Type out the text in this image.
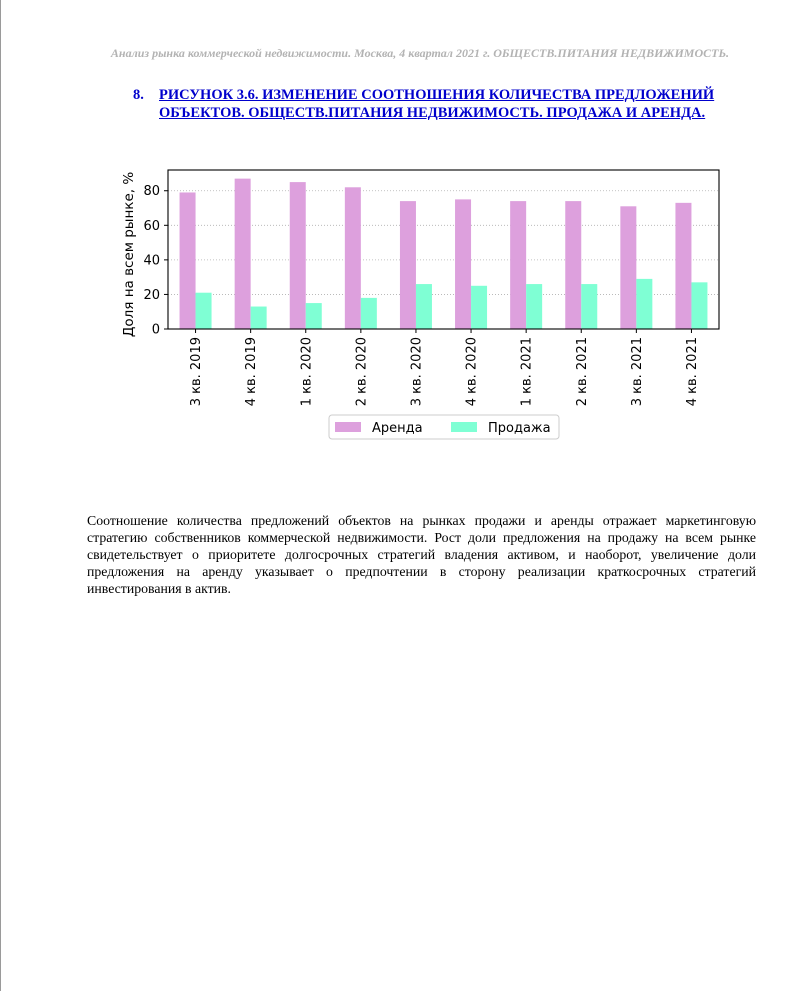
Анализ рынка коммерческой недвижимости. Москва, 4 квартал 2021 г. ОБЩЕСТВ.ПИТАНИЯ НЕДВИЖИМОСТЬ.
8. РИСУНОК 3.6. ИЗМЕНЕНИЕ СООТНОШЕНИЯ КОЛИЧЕСТВА ПРЕДЛОЖЕНИЙ ОБЪЕКТОВ. ОБЩЕСТВ.ПИТАНИЯ НЕДВИЖИМОСТЬ. ПРОДАЖА И АРЕНДА.
0
20
40
60
80
3 кв. 2019	4 кв. 2019	1 кв. 2020	2 кв. 2020	3 кв. 2020	4 кв. 2020	1 кв. 2021	2 кв. 2021	3 кв. 2021	4 кв. 2021
Доля на всем рынке, %
Аренда	Продажа
Соотношение количества предложений объектов на рынках продажи и аренды отражает маркетинговую стратегию собственников коммерческой недвижимости. Рост доли предложения на продажу на всем рынке свидетельствует о приоритете долгосрочных стратегий владения активом, и наоборот, увеличение доли предложения на аренду указывает о предпочтении в сторону реализации краткосрочных стратегий инвестирования в актив.
